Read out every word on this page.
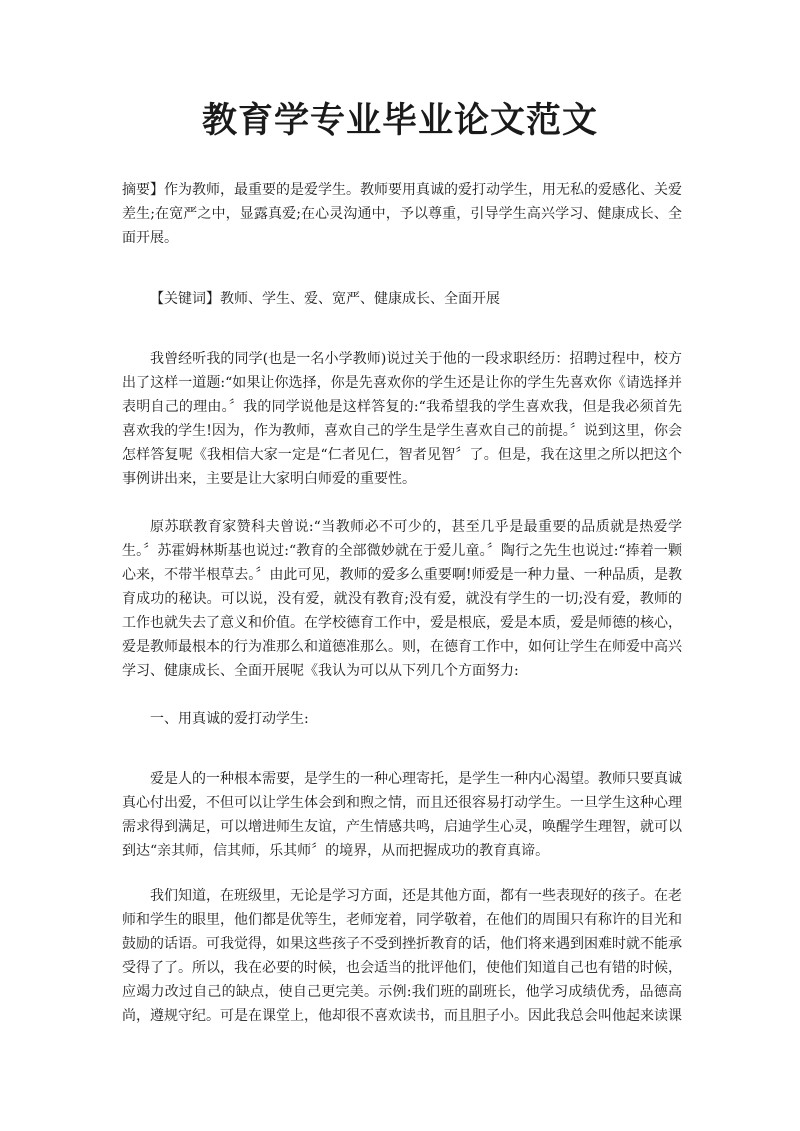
教育学专业毕业论文范文

摘要】作为教师，最重要的是爱学生。教师要用真诚的爱打动学生，用无私的爱感化、关爱差生;在宽严之中，显露真爱;在心灵沟通中，予以尊重，引导学生高兴学习、健康成长、全面开展。

【关键词】教师、学生、爱、宽严、健康成长、全面开展

我曾经听我的同学(也是一名小学教师)说过关于他的一段求职经历：招聘过程中，校方出了这样一道题:“如果让你选择，你是先喜欢你的学生还是让你的学生先喜欢你《请选择并表明自己的理由。〞我的同学说他是这样答复的:“我希望我的学生喜欢我，但是我必须首先喜欢我的学生!因为，作为教师，喜欢自己的学生是学生喜欢自己的前提。〞说到这里，你会怎样答复呢《我相信大家一定是“仁者见仁，智者见智〞了。但是，我在这里之所以把这个事例讲出来，主要是让大家明白师爱的重要性。

原苏联教育家赞科夫曾说:“当教师必不可少的，甚至几乎是最重要的品质就是热爱学生。〞苏霍姆林斯基也说过:“教育的全部微妙就在于爱儿童。〞陶行之先生也说过:“捧着一颗心来，不带半根草去。〞由此可见，教师的爱多么重要啊!师爱是一种力量、一种品质，是教育成功的秘诀。可以说，没有爱，就没有教育;没有爱，就没有学生的一切;没有爱，教师的工作也就失去了意义和价值。在学校德育工作中，爱是根底，爱是本质，爱是师德的核心，爱是教师最根本的行为准那么和道德准那么。则，在德育工作中，如何让学生在师爱中高兴学习、健康成长、全面开展呢《我认为可以从下列几个方面努力:

一、用真诚的爱打动学生:

爱是人的一种根本需要，是学生的一种心理寄托，是学生一种内心渴望。教师只要真诚真心付出爱，不但可以让学生体会到和煦之情，而且还很容易打动学生。一旦学生这种心理需求得到满足，可以增进师生友谊，产生情感共鸣，启迪学生心灵，唤醒学生理智，就可以到达“亲其师，信其师，乐其师〞的境界，从而把握成功的教育真谛。

我们知道，在班级里，无论是学习方面，还是其他方面，都有一些表现好的孩子。在老师和学生的眼里，他们都是优等生，老师宠着，同学敬着，在他们的周围只有称许的目光和鼓励的话语。可我觉得，如果这些孩子不受到挫折教育的话，他们将来遇到困难时就不能承受得了了。所以，我在必要的时候，也会适当的批评他们，使他们知道自己也有错的时候，应竭力改过自己的缺点，使自己更完美。示例:我们班的副班长，他学习成绩优秀，品德高尚，遵规守纪。可是在课堂上，他却很不喜欢读书，而且胆子小。因此我总会叫他起来读课
